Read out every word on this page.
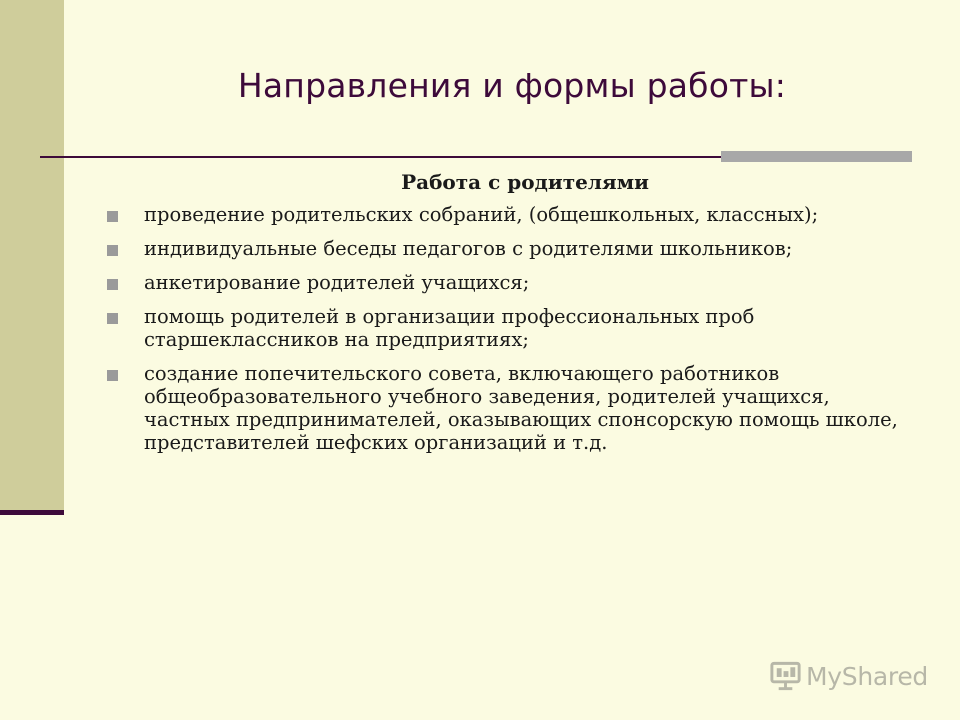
Направления и формы работы:
Работа с родителями
проведение родительских собраний, (общешкольных, классных);
индивидуальные беседы педагогов с родителями школьников;
анкетирование родителей учащихся;
помощь родителей в организации профессиональных проб старшеклассников на предприятиях;
создание попечительского совета, включающего работников общеобразовательного учебного заведения, родителей учащихся, частных предпринимателей, оказывающих спонсорскую помощь школе, представителей шефских организаций и т.д.
MyShared
